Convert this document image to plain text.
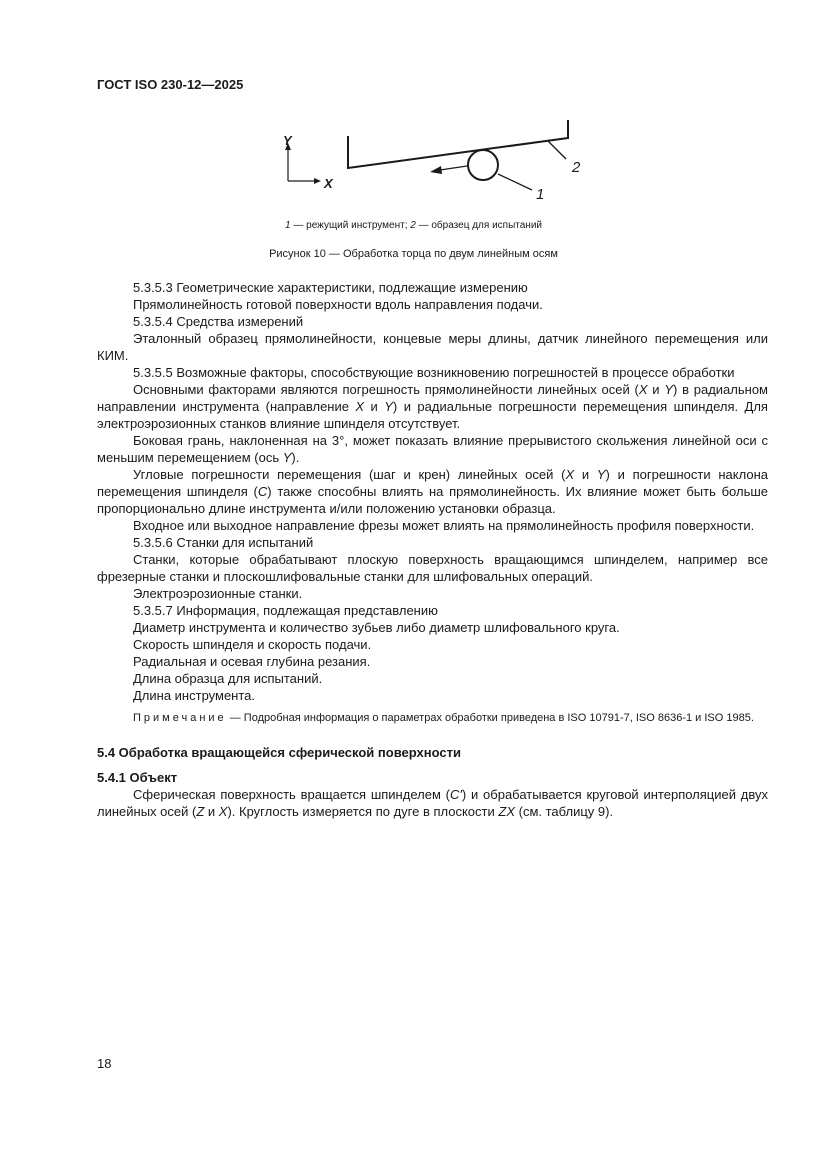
ГОСТ ISO 230-12—2025
Y
X
2
1
1 — режущий инструмент; 2 — образец для испытаний
Рисунок 10 — Обработка торца по двум линейным осям

5.3.5.3 Геометрические характеристики, подлежащие измерению

Прямолинейность готовой поверхности вдоль направления подачи.

5.3.5.4 Средства измерений

Эталонный образец прямолинейности, концевые меры длины, датчик линейного перемещения или КИМ.

5.3.5.5 Возможные факторы, способствующие возникновению погрешностей в процессе обработки

Основными факторами являются погрешность прямолинейности линейных осей (X и Y) в радиальном направлении инструмента (направление X и Y) и радиальные погрешности перемещения шпинделя. Для электроэрозионных станков влияние шпинделя отсутствует.

Боковая грань, наклоненная на 3°, может показать влияние прерывистого скольжения линейной оси с меньшим перемещением (ось Y).

Угловые погрешности перемещения (шаг и крен) линейных осей (X и Y) и погрешности наклона перемещения шпинделя (C) также способны влиять на прямолинейность. Их влияние может быть больше пропорционально длине инструмента и/или положению установки образца.

Входное или выходное направление фрезы может влиять на прямолинейность профиля поверхности.

5.3.5.6 Станки для испытаний

Станки, которые обрабатывают плоскую поверхность вращающимся шпинделем, например все фрезерные станки и плоскошлифовальные станки для шлифовальных операций.

Электроэрозионные станки.

5.3.5.7 Информация, подлежащая представлению

Диаметр инструмента и количество зубьев либо диаметр шлифовального круга.

Скорость шпинделя и скорость подачи.

Радиальная и осевая глубина резания.

Длина образца для испытаний.

Длина инструмента.

Примечание — Подробная информация о параметрах обработки приведена в ISO 10791-7, ISO 8636-1 и ISO 1985.

5.4 Обработка вращающейся сферической поверхности

5.4.1 Объект

Сферическая поверхность вращается шпинделем (C') и обрабатывается круговой интерполяцией двух линейных осей (Z и X). Круглость измеряется по дуге в плоскости ZX (см. таблицу 9).

18
